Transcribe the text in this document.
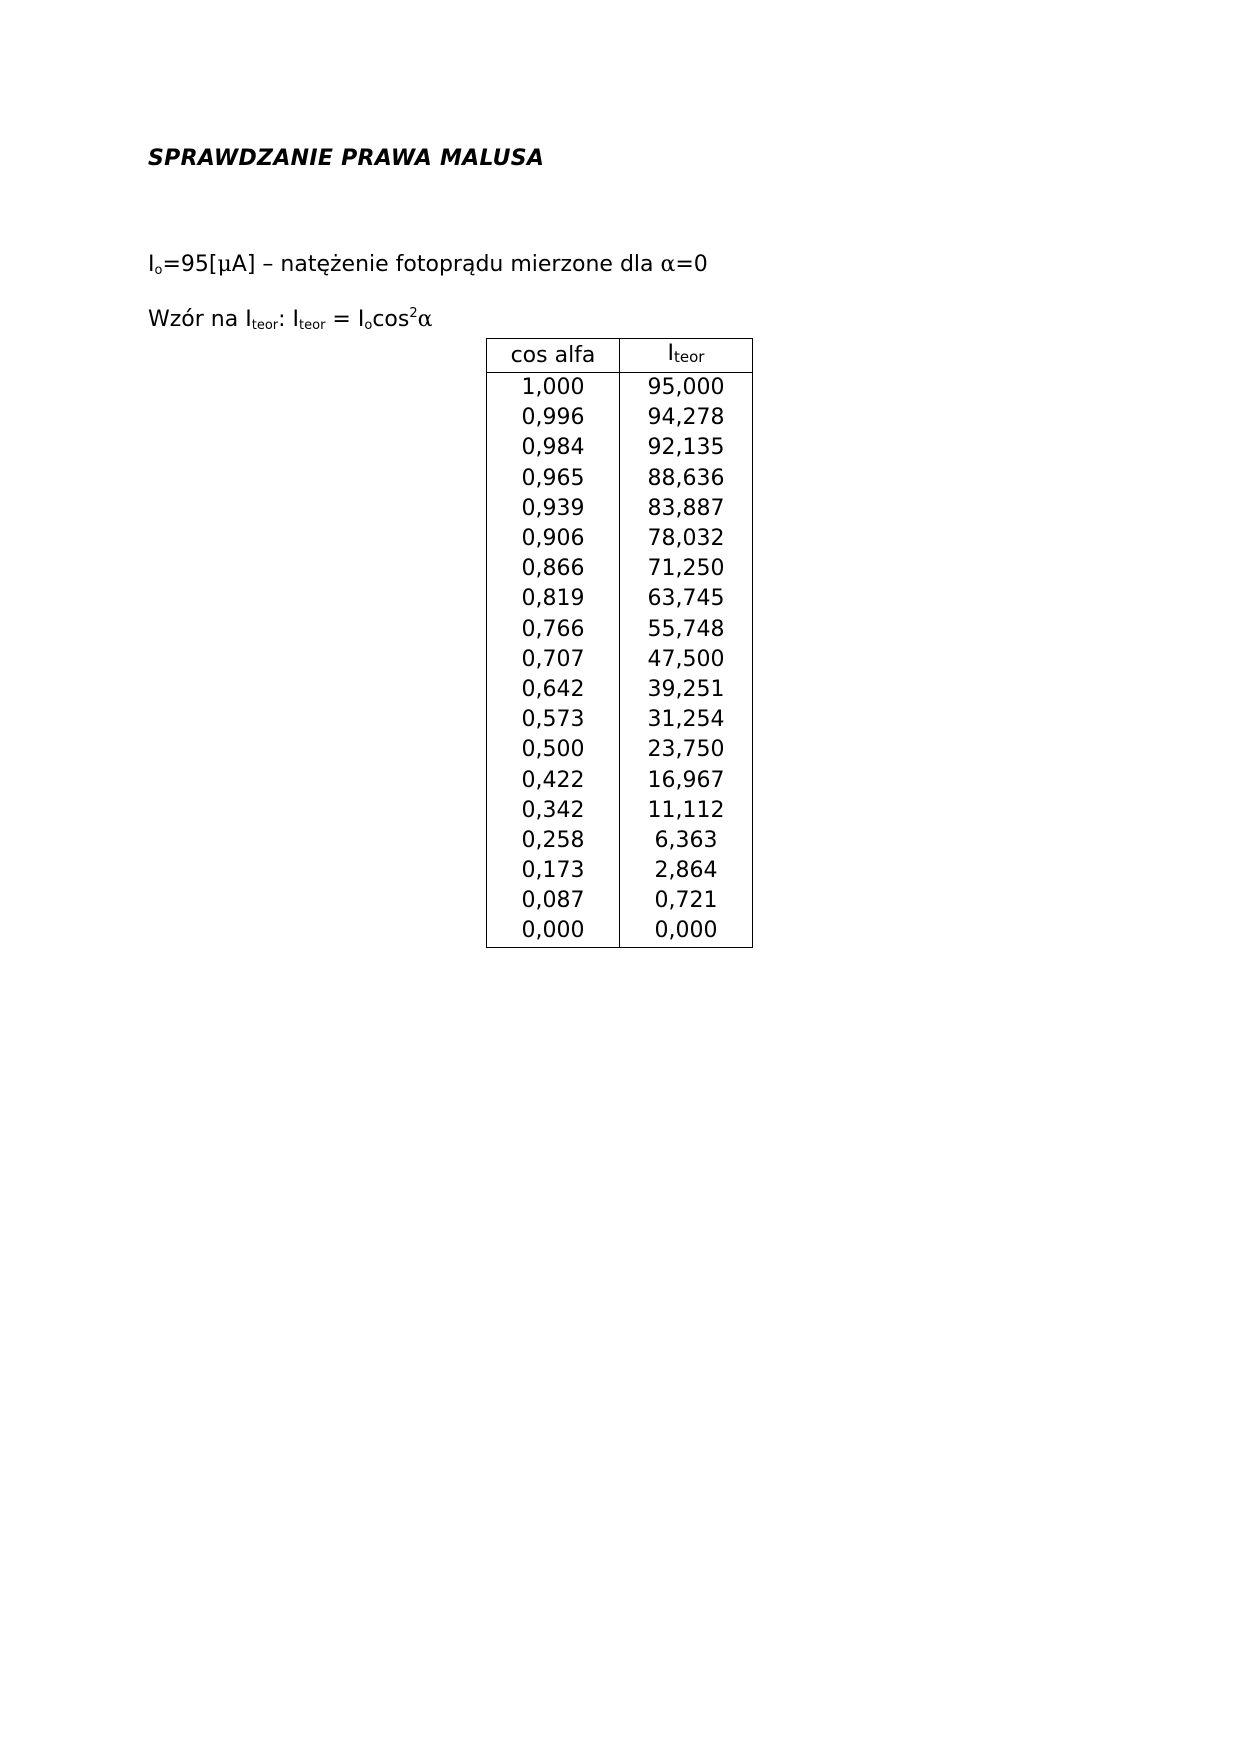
SPRAWDZANIE PRAWA MALUSA
$I_o=95[\mu A]$ – natężenie fotoprądu mierzone dla α=0
Wzór na $I_{teor}$: $I_{teor} = I_o\cos^2\alpha$
cos alfa	Iteor
1,000	95,000
0,996	94,278
0,984	92,135
0,965	88,636
0,939	83,887
0,906	78,032
0,866	71,250
0,819	63,745
0,766	55,748
0,707	47,500
0,642	39,251
0,573	31,254
0,500	23,750
0,422	16,967
0,342	11,112
0,258	6,363
0,173	2,864
0,087	0,721
0,000	0,000
